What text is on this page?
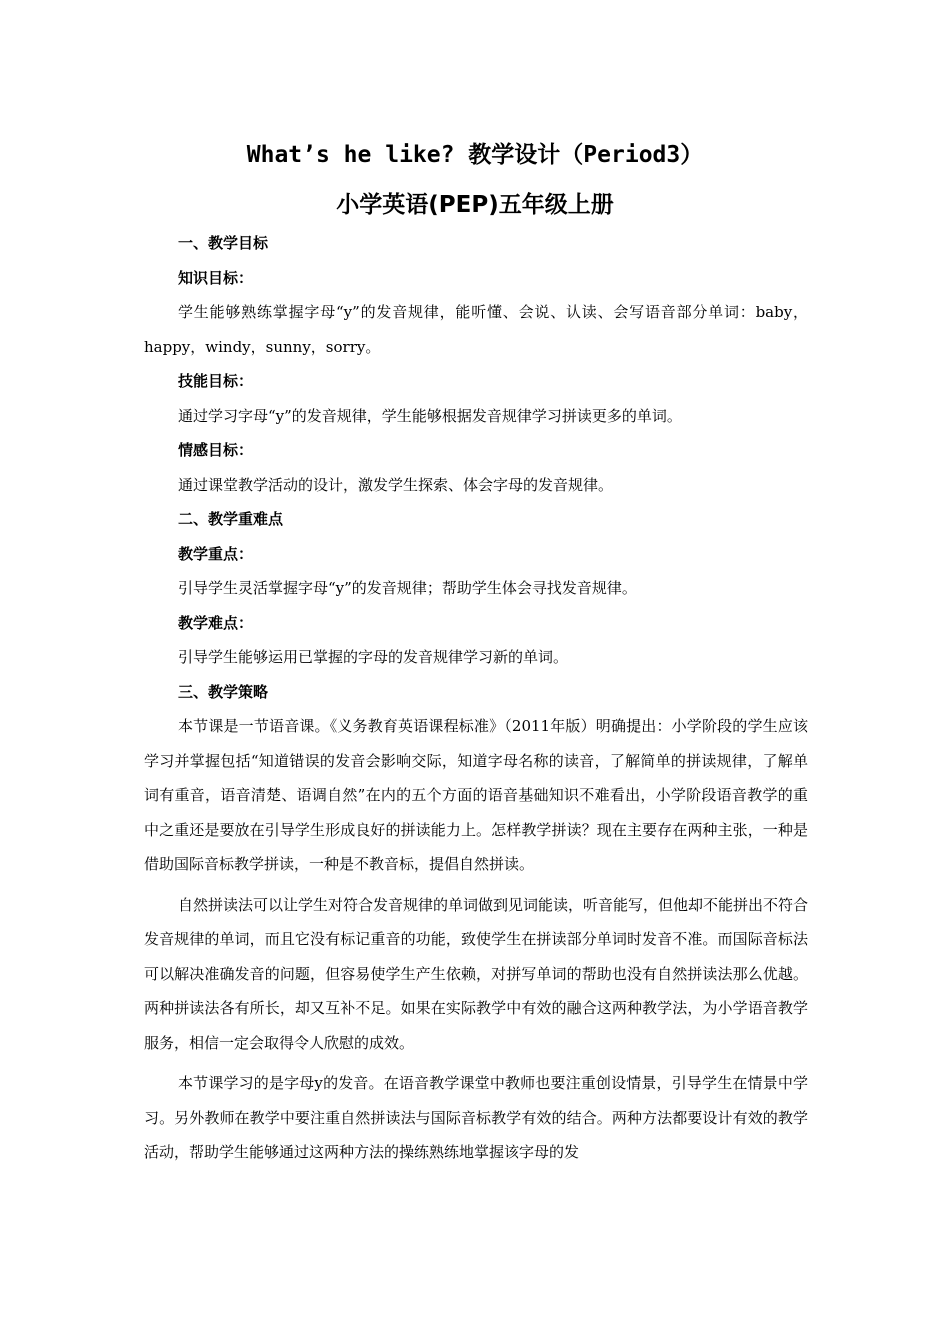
What’s he like? 教学设计（Period3）
小学英语(PEP)五年级上册

一、教学目标

知识目标：

学生能够熟练掌握字母“y”的发音规律，能听懂、会说、认读、会写语音部分单词：baby，happy，windy，sunny，sorry。

技能目标：

通过学习字母“y”的发音规律，学生能够根据发音规律学习拼读更多的单词。

情感目标：

通过课堂教学活动的设计，激发学生探索、体会字母的发音规律。

二、教学重难点

教学重点：

引导学生灵活掌握字母“y”的发音规律；帮助学生体会寻找发音规律。

教学难点：

引导学生能够运用已掌握的字母的发音规律学习新的单词。

三、教学策略

本节课是一节语音课。《义务教育英语课程标准》（2011年版）明确提出：小学阶段的学生应该学习并掌握包括“知道错误的发音会影响交际，知道字母名称的读音，了解简单的拼读规律，了解单词有重音，语音清楚、语调自然”在内的五个方面的语音基础知识不难看出，小学阶段语音教学的重中之重还是要放在引导学生形成良好的拼读能力上。怎样教学拼读？现在主要存在两种主张，一种是借助国际音标教学拼读，一种是不教音标，提倡自然拼读。

自然拼读法可以让学生对符合发音规律的单词做到见词能读，听音能写，但他却不能拼出不符合发音规律的单词，而且它没有标记重音的功能，致使学生在拼读部分单词时发音不准。而国际音标法可以解决准确发音的问题，但容易使学生产生依赖，对拼写单词的帮助也没有自然拼读法那么优越。两种拼读法各有所长，却又互补不足。如果在实际教学中有效的融合这两种教学法，为小学语音教学服务，相信一定会取得令人欣慰的成效。

本节课学习的是字母y的发音。在语音教学课堂中教师也要注重创设情景，引导学生在情景中学习。另外教师在教学中要注重自然拼读法与国际音标教学有效的结合。两种方法都要设计有效的教学活动，帮助学生能够通过这两种方法的操练熟练地掌握该字母的发
